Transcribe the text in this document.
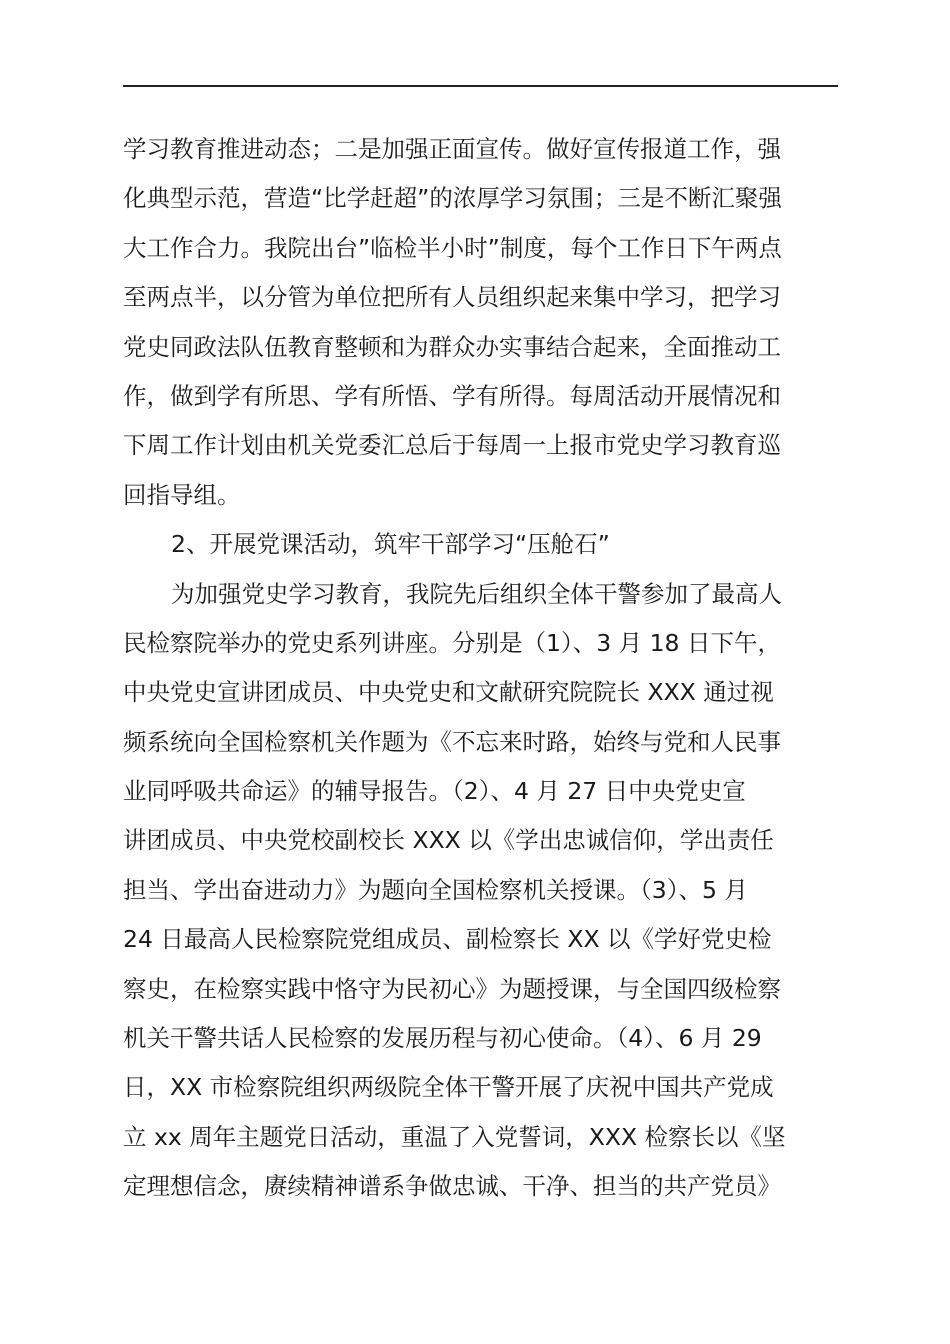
学习教育推进动态；二是加强正面宣传。做好宣传报道工作，强
化典型示范，营造“比学赶超”的浓厚学习氛围；三是不断汇聚强
大工作合力。我院出台”临检半小时”制度，每个工作日下午两点
至两点半，以分管为单位把所有人员组织起来集中学习，把学习
党史同政法队伍教育整顿和为群众办实事结合起来，全面推动工
作，做到学有所思、学有所悟、学有所得。每周活动开展情况和
下周工作计划由机关党委汇总后于每周一上报市党史学习教育巡
回指导组。
2、开展党课活动，筑牢干部学习“压舱石”
为加强党史学习教育，我院先后组织全体干警参加了最高人
民检察院举办的党史系列讲座。分别是（1）、3 月 18 日下午，
中央党史宣讲团成员、中央党史和文献研究院院长 XXX 通过视
频系统向全国检察机关作题为《不忘来时路，始终与党和人民事
业同呼吸共命运》的辅导报告。（2）、4 月 27 日中央党史宣
讲团成员、中央党校副校长 XXX 以《学出忠诚信仰，学出责任
担当、学出奋进动力》为题向全国检察机关授课。（3）、5 月
24 日最高人民检察院党组成员、副检察长 XX 以《学好党史检
察史，在检察实践中恪守为民初心》为题授课，与全国四级检察
机关干警共话人民检察的发展历程与初心使命。（4）、6 月 29
日，XX 市检察院组织两级院全体干警开展了庆祝中国共产党成
立 xx 周年主题党日活动，重温了入党誓词，XXX 检察长以《坚
定理想信念，赓续精神谱系争做忠诚、干净、担当的共产党员》
